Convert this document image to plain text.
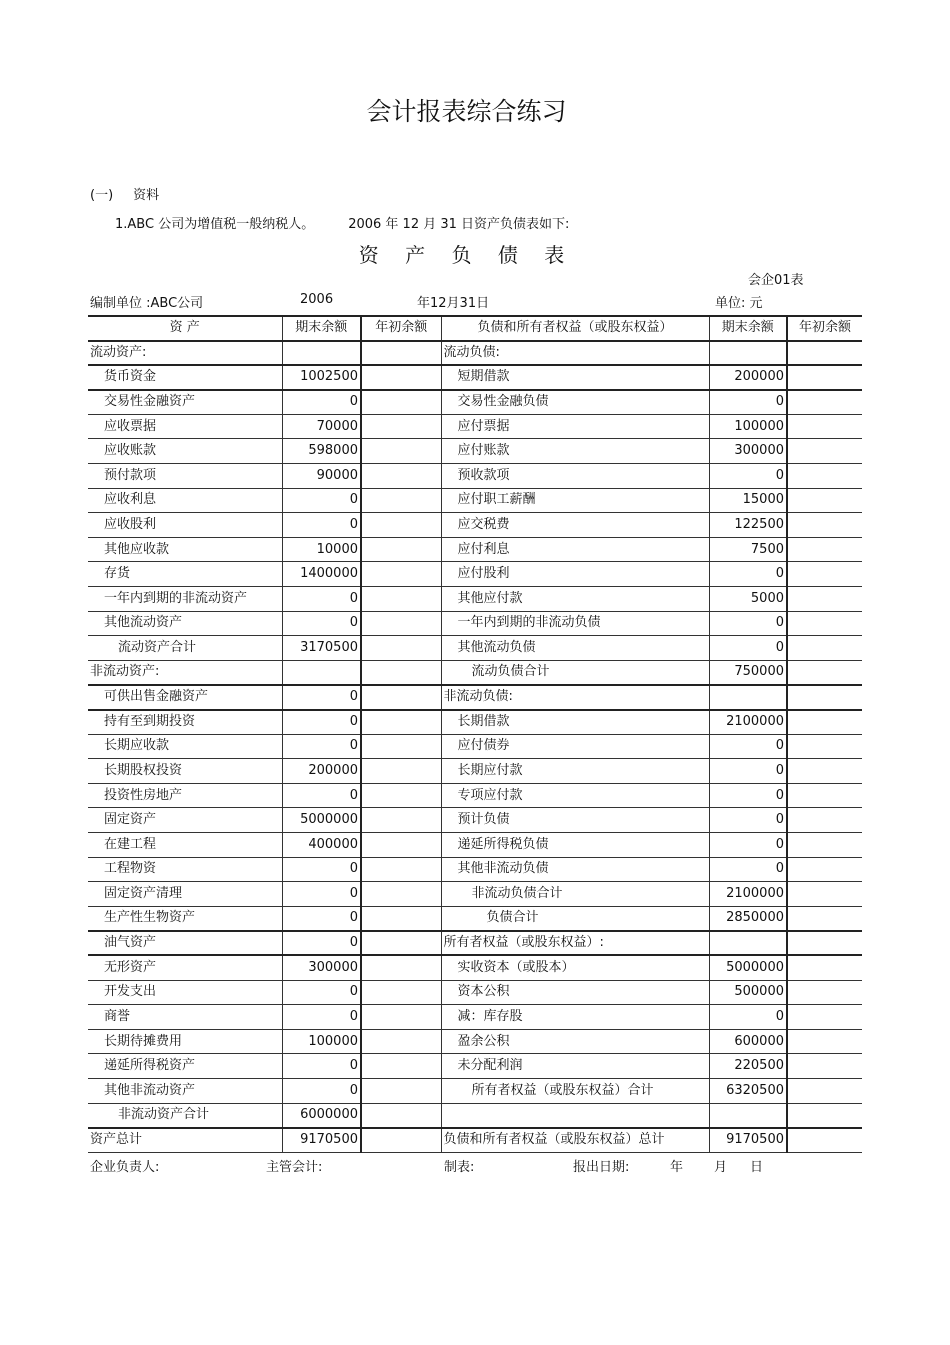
会计报表综合练习
(一) 资料
1.ABC 公司为增值税一般纳税人。	2006 年 12 月 31 日资产负债表如下:
资 产 负 债 表
会企01表
编制单位 :ABC公司	2006	年12月31日	单位: 元
资 产	期末余额	年初余额	负债和所有者权益（或股东权益）	期末余额	年初余额
流动资产:			流动负债:		
货币资金	1002500		短期借款	200000	
交易性金融资产	0		交易性金融负债	0	
应收票据	70000		应付票据	100000	
应收账款	598000		应付账款	300000	
预付款项	90000		预收款项	0	
应收利息	0		应付职工薪酬	15000	
应收股利	0		应交税费	122500	
其他应收款	10000		应付利息	7500	
存货	1400000		应付股利	0	
一年内到期的非流动资产	0		其他应付款	5000	
其他流动资产	0		一年内到期的非流动负债	0	
流动资产合计	3170500		其他流动负债	0	
非流动资产:			流动负债合计	750000	
可供出售金融资产	0		非流动负债:		
持有至到期投资	0		长期借款	2100000	
长期应收款	0		应付债券	0	
长期股权投资	200000		长期应付款	0	
投资性房地产	0		专项应付款	0	
固定资产	5000000		预计负债	0	
在建工程	400000		递延所得税负债	0	
工程物资	0		其他非流动负债	0	
固定资产清理	0		非流动负债合计	2100000	
生产性生物资产	0		负债合计	2850000	
油气资产	0		所有者权益（或股东权益）:		
无形资产	300000		实收资本（或股本）	5000000	
开发支出	0		资本公积	500000	
商誉	0		减：库存股	0	
长期待摊费用	100000		盈余公积	600000	
递延所得税资产	0		未分配利润	220500	
其他非流动资产	0		所有者权益（或股东权益）合计	6320500	
非流动资产合计	6000000				
资产总计	9170500		负债和所有者权益（或股东权益）总计	9170500	
企业负责人:	主管会计:	制表:	报出日期:	年 月 日
